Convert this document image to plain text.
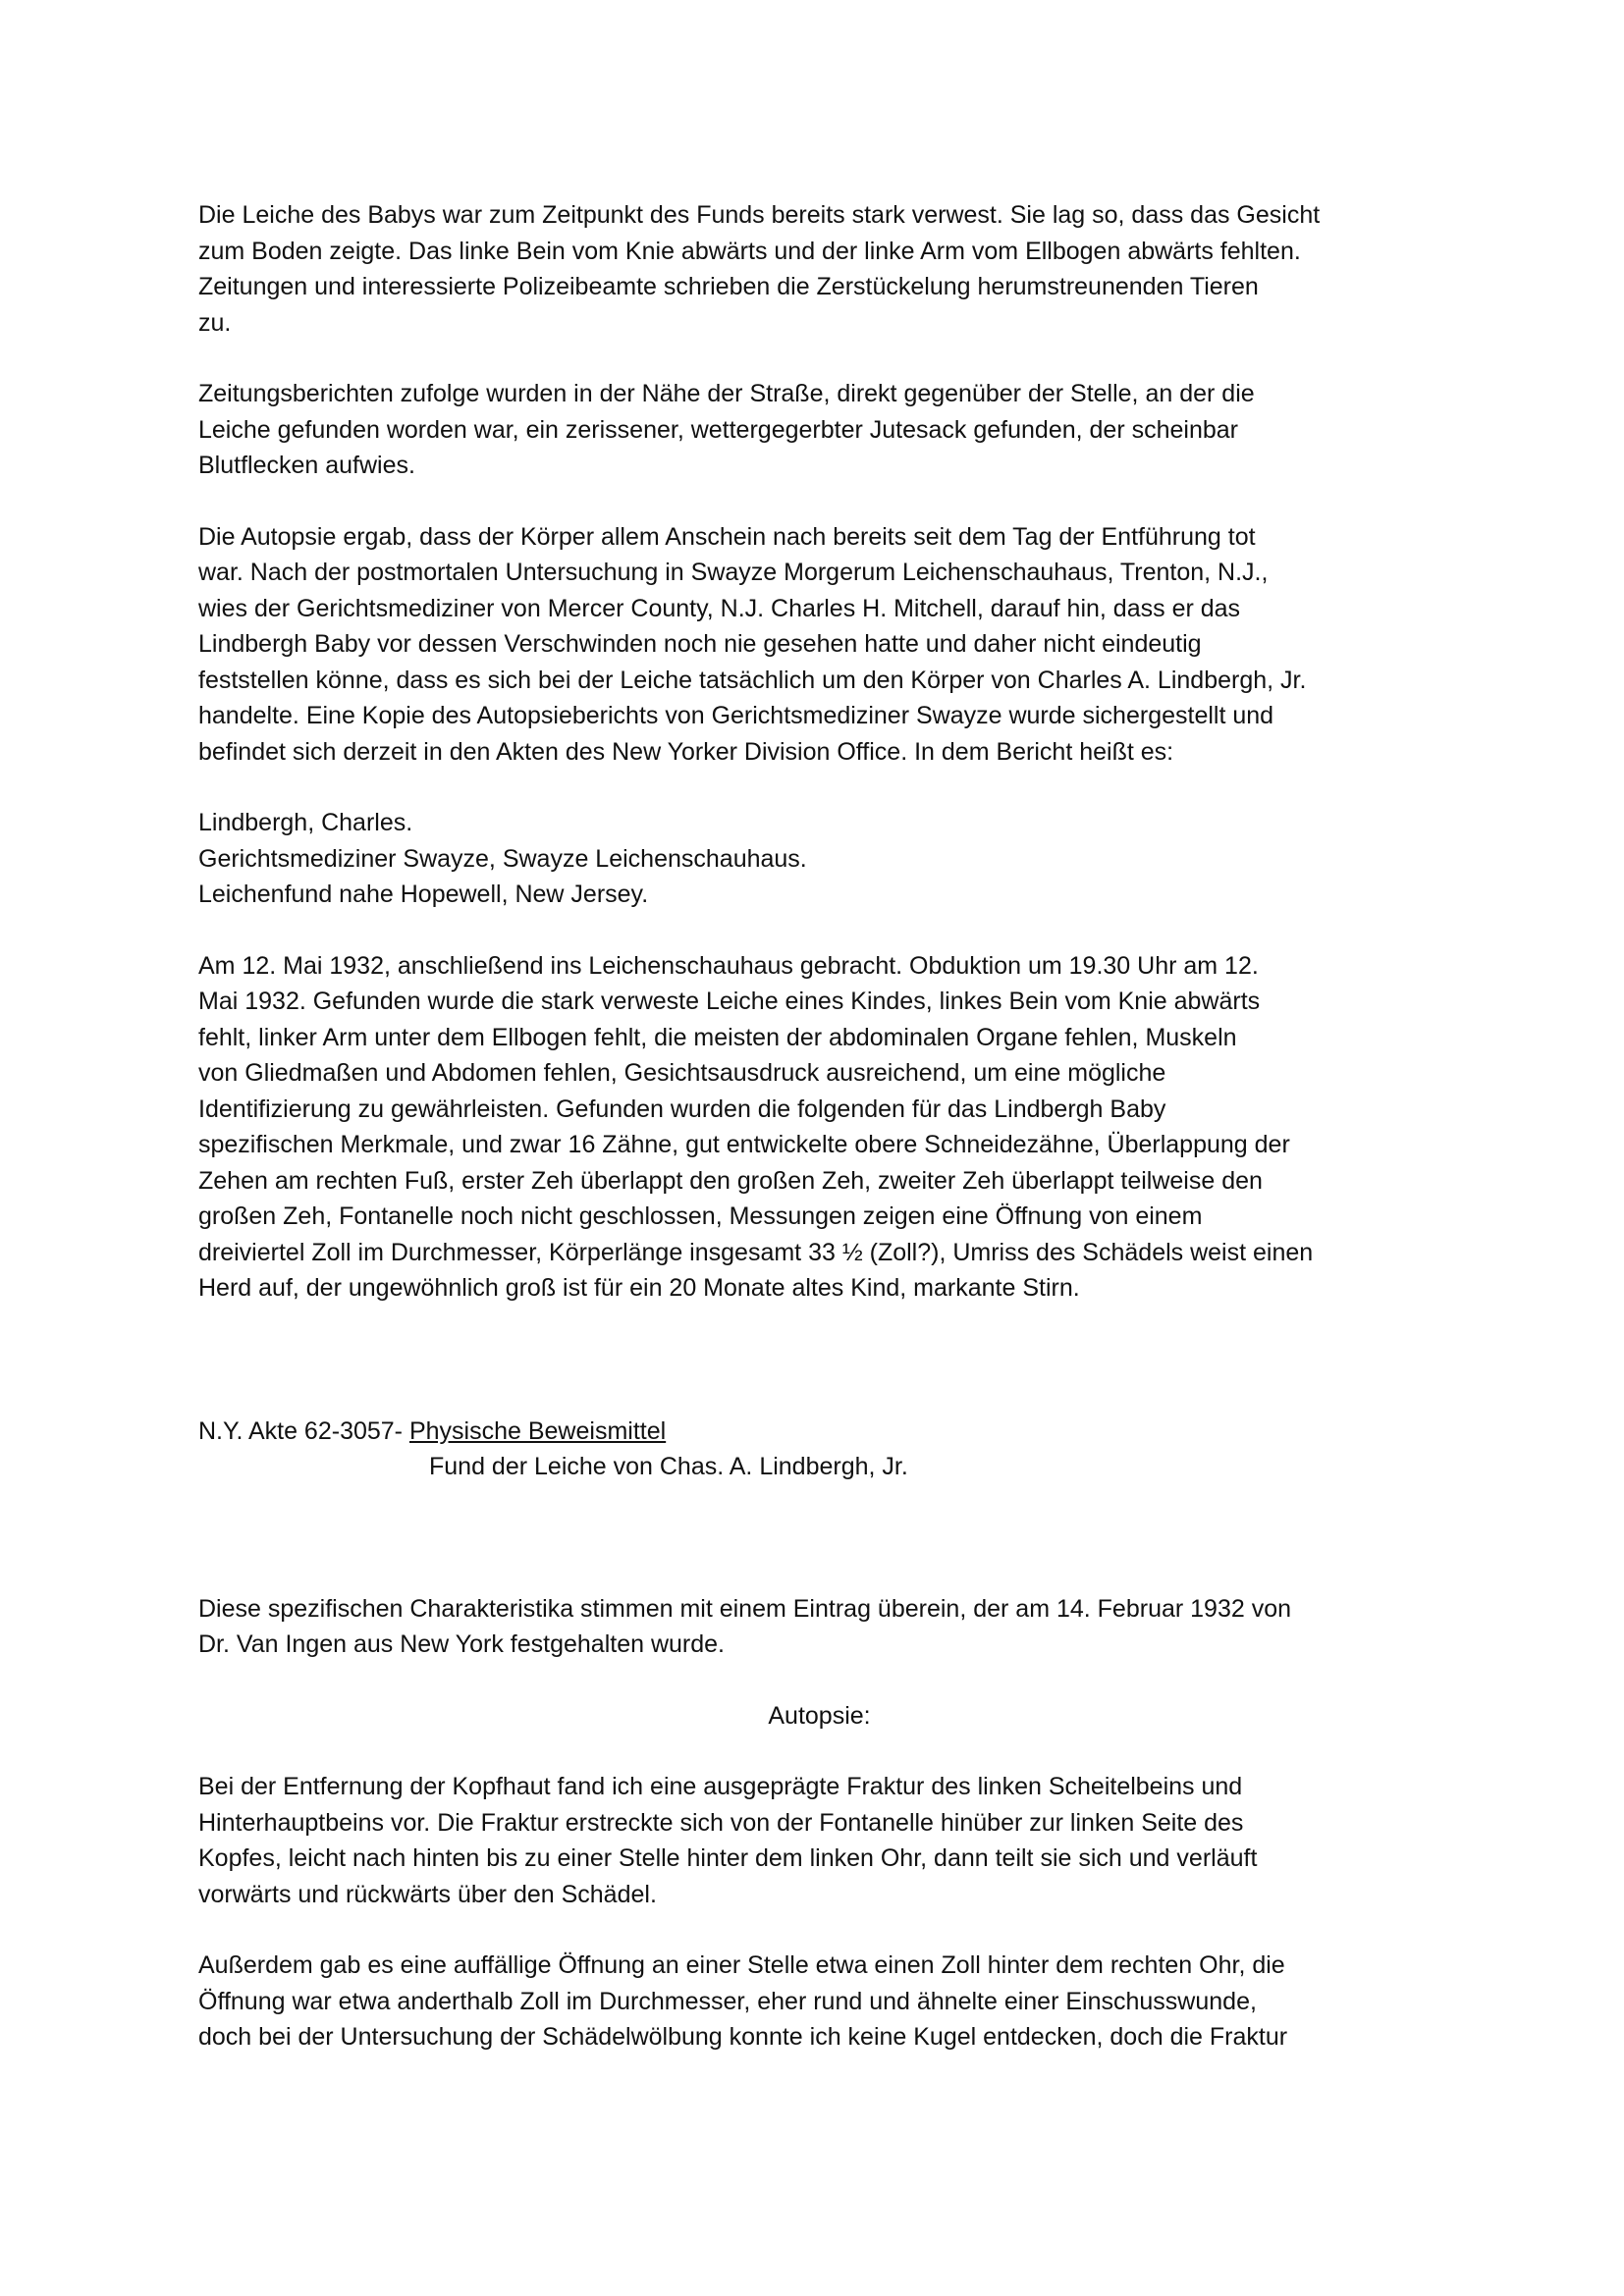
Die Leiche des Babys war zum Zeitpunkt des Funds bereits stark verwest. Sie lag so, dass das Gesicht
zum Boden zeigte. Das linke Bein vom Knie abwärts und der linke Arm vom Ellbogen abwärts fehlten.
Zeitungen und interessierte Polizeibeamte schrieben die Zerstückelung herumstreunenden Tieren
zu.

Zeitungsberichten zufolge wurden in der Nähe der Straße, direkt gegenüber der Stelle, an der die
Leiche gefunden worden war, ein zerissener, wettergegerbter Jutesack gefunden, der scheinbar
Blutflecken aufwies.

Die Autopsie ergab, dass der Körper allem Anschein nach bereits seit dem Tag der Entführung tot
war. Nach der postmortalen Untersuchung in Swayze Morgerum Leichenschauhaus, Trenton, N.J.,
wies der Gerichtsmediziner von Mercer County, N.J. Charles H. Mitchell, darauf hin, dass er das
Lindbergh Baby vor dessen Verschwinden noch nie gesehen hatte und daher nicht eindeutig
feststellen könne, dass es sich bei der Leiche tatsächlich um den Körper von Charles A. Lindbergh, Jr.
handelte. Eine Kopie des Autopsieberichts von Gerichtsmediziner Swayze wurde sichergestellt und
befindet sich derzeit in den Akten des New Yorker Division Office. In dem Bericht heißt es:

Lindbergh, Charles.
Gerichtsmediziner Swayze, Swayze Leichenschauhaus.
Leichenfund nahe Hopewell, New Jersey.

Am 12. Mai 1932, anschließend ins Leichenschauhaus gebracht. Obduktion um 19.30 Uhr am 12.
Mai 1932. Gefunden wurde die stark verweste Leiche eines Kindes, linkes Bein vom Knie abwärts
fehlt, linker Arm unter dem Ellbogen fehlt, die meisten der abdominalen Organe fehlen, Muskeln
von Gliedmaßen und Abdomen fehlen, Gesichtsausdruck ausreichend, um eine mögliche
Identifizierung zu gewährleisten. Gefunden wurden die folgenden für das Lindbergh Baby
spezifischen Merkmale, und zwar 16 Zähne, gut entwickelte obere Schneidezähne, Überlappung der
Zehen am rechten Fuß, erster Zeh überlappt den großen Zeh, zweiter Zeh überlappt teilweise den
großen Zeh, Fontanelle noch nicht geschlossen, Messungen zeigen eine Öffnung von einem
dreiviertel Zoll im Durchmesser, Körperlänge insgesamt 33 ½ (Zoll?), Umriss des Schädels weist einen
Herd auf, der ungewöhnlich groß ist für ein 20 Monate altes Kind, markante Stirn.

N.Y. Akte 62-3057- Physische Beweismittel
Fund der Leiche von Chas. A. Lindbergh, Jr.

Diese spezifischen Charakteristika stimmen mit einem Eintrag überein, der am 14. Februar 1932 von
Dr. Van Ingen aus New York festgehalten wurde.

Autopsie:

Bei der Entfernung der Kopfhaut fand ich eine ausgeprägte Fraktur des linken Scheitelbeins und
Hinterhauptbeins vor. Die Fraktur erstreckte sich von der Fontanelle hinüber zur linken Seite des
Kopfes, leicht nach hinten bis zu einer Stelle hinter dem linken Ohr, dann teilt sie sich und verläuft
vorwärts und rückwärts über den Schädel.

Außerdem gab es eine auffällige Öffnung an einer Stelle etwa einen Zoll hinter dem rechten Ohr, die
Öffnung war etwa anderthalb Zoll im Durchmesser, eher rund und ähnelte einer Einschusswunde,
doch bei der Untersuchung der Schädelwölbung konnte ich keine Kugel entdecken, doch die Fraktur
